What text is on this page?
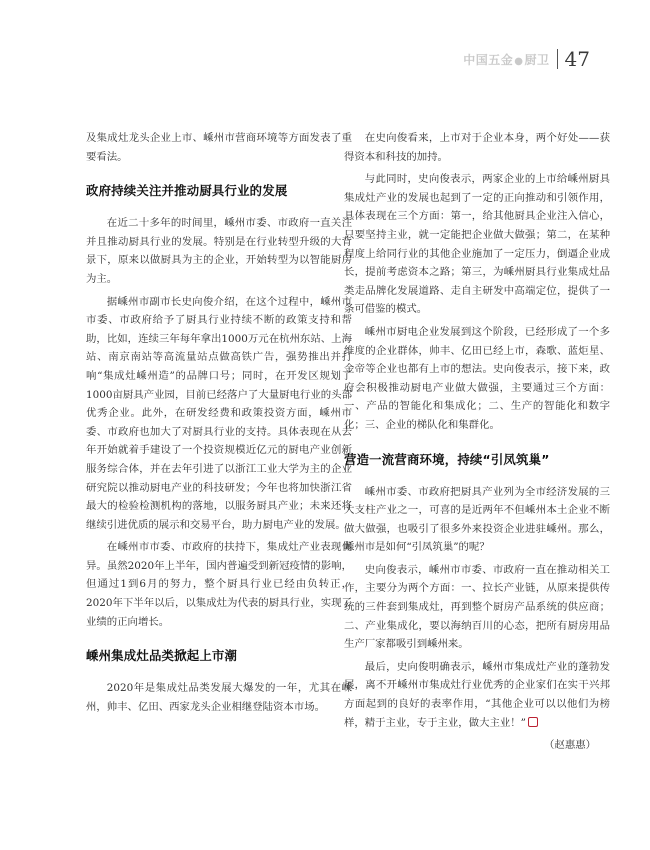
中国五金●厨卫 47

及集成灶龙头企业上市、嵊州市营商环境等方面发表了重要看法。

政府持续关注并推动厨具行业的发展

在近二十多年的时间里，嵊州市委、市政府一直关注并且推动厨具行业的发展。特别是在行业转型升级的大背景下，原来以做厨具为主的企业，开始转型为以智能厨房为主。

据嵊州市副市长史向俊介绍，在这个过程中，嵊州市市委、市政府给予了厨具行业持续不断的政策支持和帮助，比如，连续三年每年拿出1000万元在杭州东站、上海站、南京南站等高流量站点做高铁广告，强势推出并打响“集成灶嵊州造”的品牌口号；同时，在开发区规划了1000亩厨具产业园，目前已经落户了大量厨电行业的头部优秀企业。此外，在研发经费和政策投资方面，嵊州市委、市政府也加大了对厨具行业的支持。具体表现在从去年开始就着手建设了一个投资规模近亿元的厨电产业创新服务综合体，并在去年引进了以浙江工业大学为主的企业研究院以推动厨电产业的科技研发；今年也将加快浙江省最大的检验检测机构的落地，以服务厨具产业；未来还将继续引进优质的展示和交易平台，助力厨电产业的发展。

在嵊州市市委、市政府的扶持下，集成灶产业表现优异。虽然2020年上半年，国内普遍受到新冠疫情的影响，但通过1到6月的努力，整个厨具行业已经由负转正，2020年下半年以后，以集成灶为代表的厨具行业，实现了业绩的正向增长。

嵊州集成灶品类掀起上市潮

2020年是集成灶品类发展大爆发的一年，尤其在嵊州，帅丰、亿田、西家龙头企业相继登陆资本市场。

在史向俊看来，上市对于企业本身，两个好处——获得资本和科技的加持。

与此同时，史向俊表示，两家企业的上市给嵊州厨具集成灶产业的发展也起到了一定的正向推动和引领作用，具体表现在三个方面：第一，给其他厨具企业注入信心，只要坚持主业，就一定能把企业做大做强；第二，在某种程度上给同行业的其他企业施加了一定压力，倒逼企业成长，提前考虑资本之路；第三，为嵊州厨具行业集成灶品类走品牌化发展道路、走自主研发中高端定位，提供了一条可借鉴的模式。

嵊州市厨电企业发展到这个阶段，已经形成了一个多维度的企业群体，帅丰、亿田已经上市，森歌、蓝炬星、金帝等企业也都有上市的想法。史向俊表示，接下来，政府会积极推动厨电产业做大做强，主要通过三个方面：一、产品的智能化和集成化；二、生产的智能化和数字化；三、企业的梯队化和集群化。

营造一流营商环境，持续“引凤筑巢”

嵊州市委、市政府把厨具产业列为全市经济发展的三大支柱产业之一，可喜的是近两年不但嵊州本土企业不断做大做强，也吸引了很多外来投资企业进驻嵊州。那么，嵊州市是如何“引凤筑巢”的呢？

史向俊表示，嵊州市市委、市政府一直在推动相关工作，主要分为两个方面：一、拉长产业链，从原来提供传统的三件套到集成灶，再到整个厨房产品系统的供应商；二、产业集成化，要以海纳百川的心态，把所有厨房用品生产厂家都吸引到嵊州来。

最后，史向俊明确表示，嵊州市集成灶产业的蓬勃发展，离不开嵊州市集成灶行业优秀的企业家们在实干兴邦方面起到的良好的表率作用，“其他企业可以以他们为榜样，精于主业，专于主业，做大主业！”

（赵惠惠）
